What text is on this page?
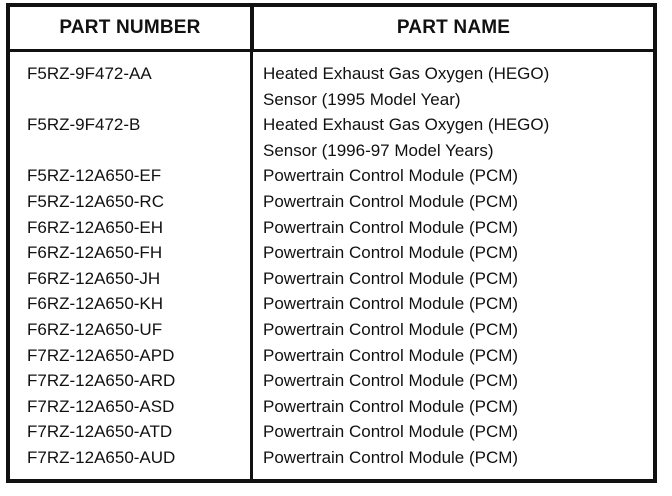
PART NUMBER	PART NAME
F5RZ-9F472-AA	Heated Exhaust Gas Oxygen (HEGO)
Sensor (1995 Model Year)
F5RZ-9F472-B	Heated Exhaust Gas Oxygen (HEGO)
Sensor (1996-97 Model Years)
F5RZ-12A650-EF	Powertrain Control Module (PCM)
F5RZ-12A650-RC	Powertrain Control Module (PCM)
F6RZ-12A650-EH	Powertrain Control Module (PCM)
F6RZ-12A650-FH	Powertrain Control Module (PCM)
F6RZ-12A650-JH	Powertrain Control Module (PCM)
F6RZ-12A650-KH	Powertrain Control Module (PCM)
F6RZ-12A650-UF	Powertrain Control Module (PCM)
F7RZ-12A650-APD	Powertrain Control Module (PCM)
F7RZ-12A650-ARD	Powertrain Control Module (PCM)
F7RZ-12A650-ASD	Powertrain Control Module (PCM)
F7RZ-12A650-ATD	Powertrain Control Module (PCM)
F7RZ-12A650-AUD	Powertrain Control Module (PCM)
